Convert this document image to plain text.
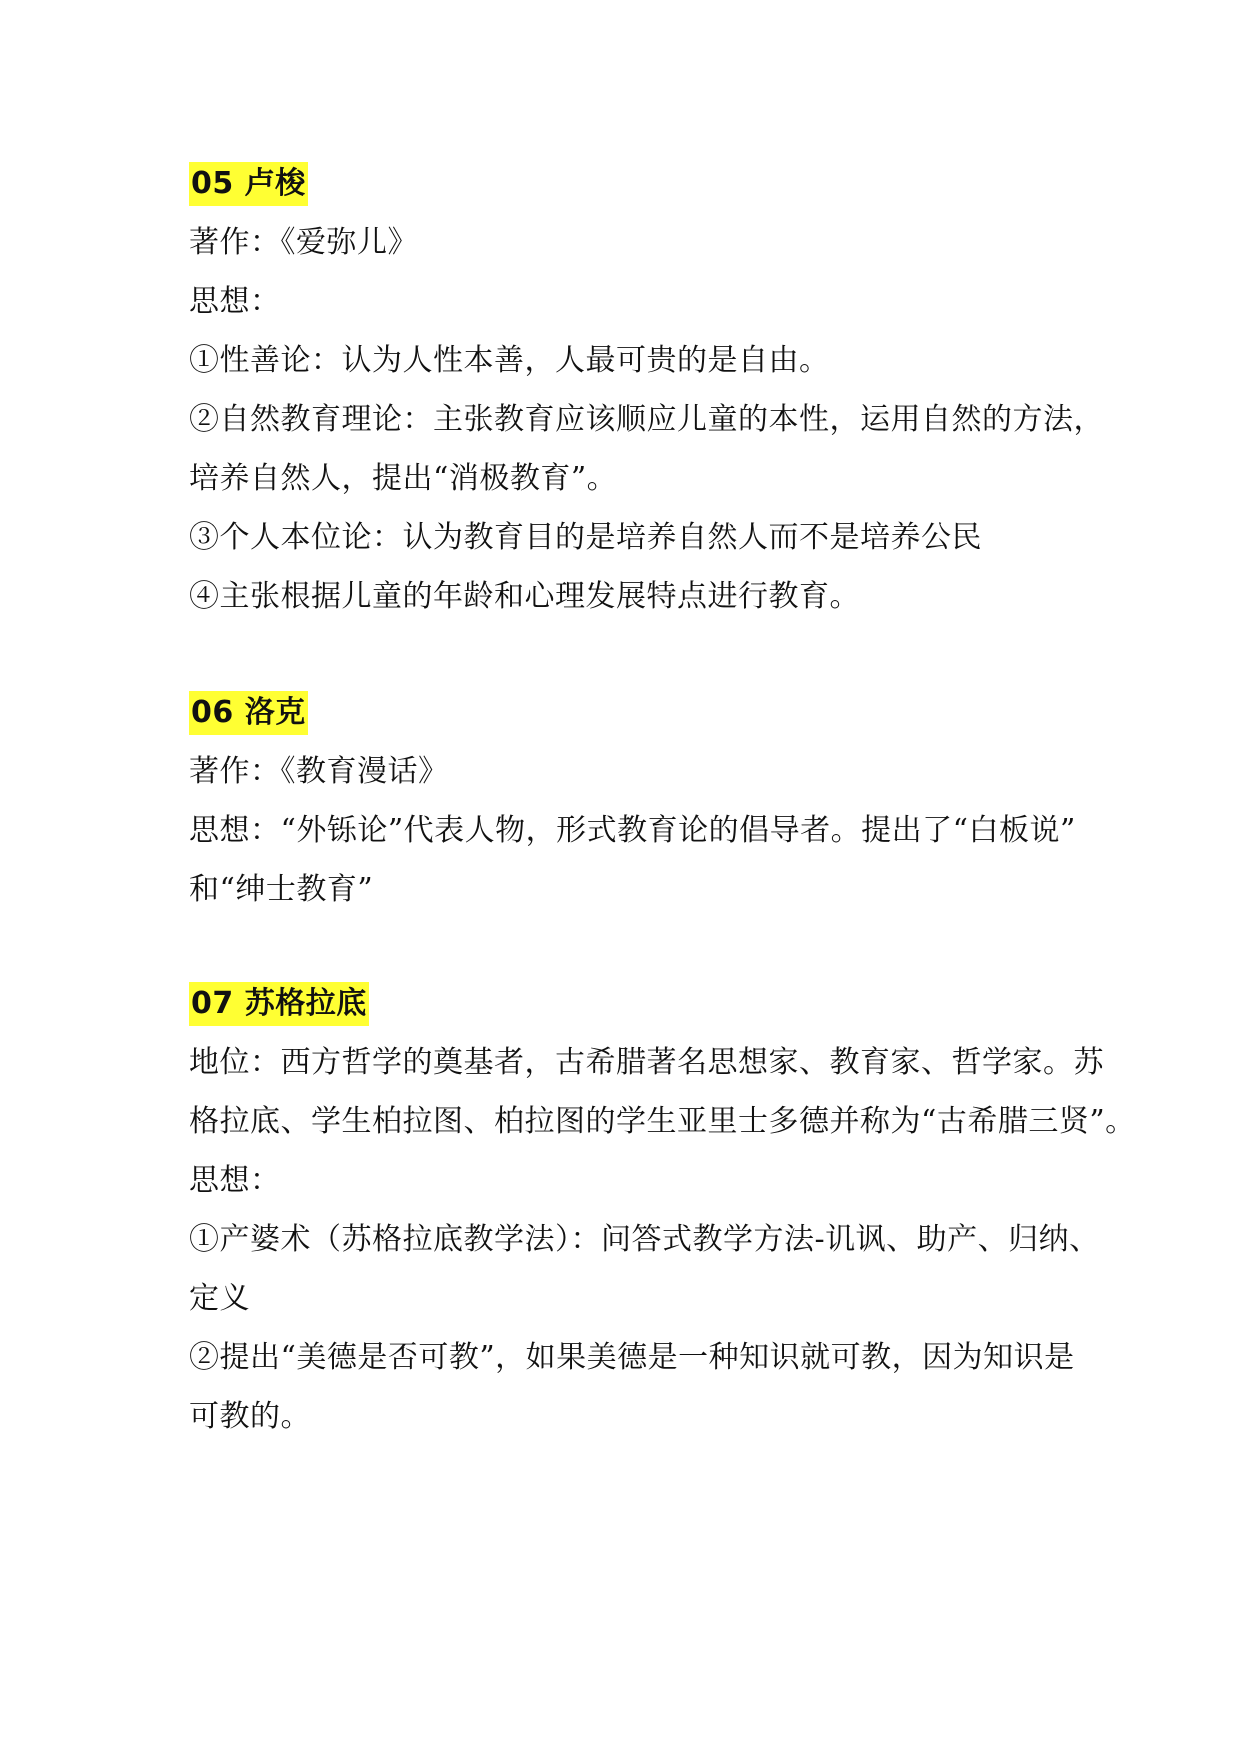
05 卢梭
著作：《爱弥儿》
思想：
①性善论：认为人性本善，人最可贵的是自由。
②自然教育理论：主张教育应该顺应儿童的本性，运用自然的方法，
培养自然人，提出“消极教育”。
③个人本位论：认为教育目的是培养自然人而不是培养公民
④主张根据儿童的年龄和心理发展特点进行教育。
06 洛克
著作：《教育漫话》
思想：“外铄论”代表人物，形式教育论的倡导者。提出了“白板说”
和“绅士教育”
07 苏格拉底
地位：西方哲学的奠基者，古希腊著名思想家、教育家、哲学家。苏
格拉底、学生柏拉图、柏拉图的学生亚里士多德并称为“古希腊三贤”。
思想：
①产婆术（苏格拉底教学法）：问答式教学方法-讥讽、助产、归纳、
定义
②提出“美德是否可教”，如果美德是一种知识就可教，因为知识是
可教的。
